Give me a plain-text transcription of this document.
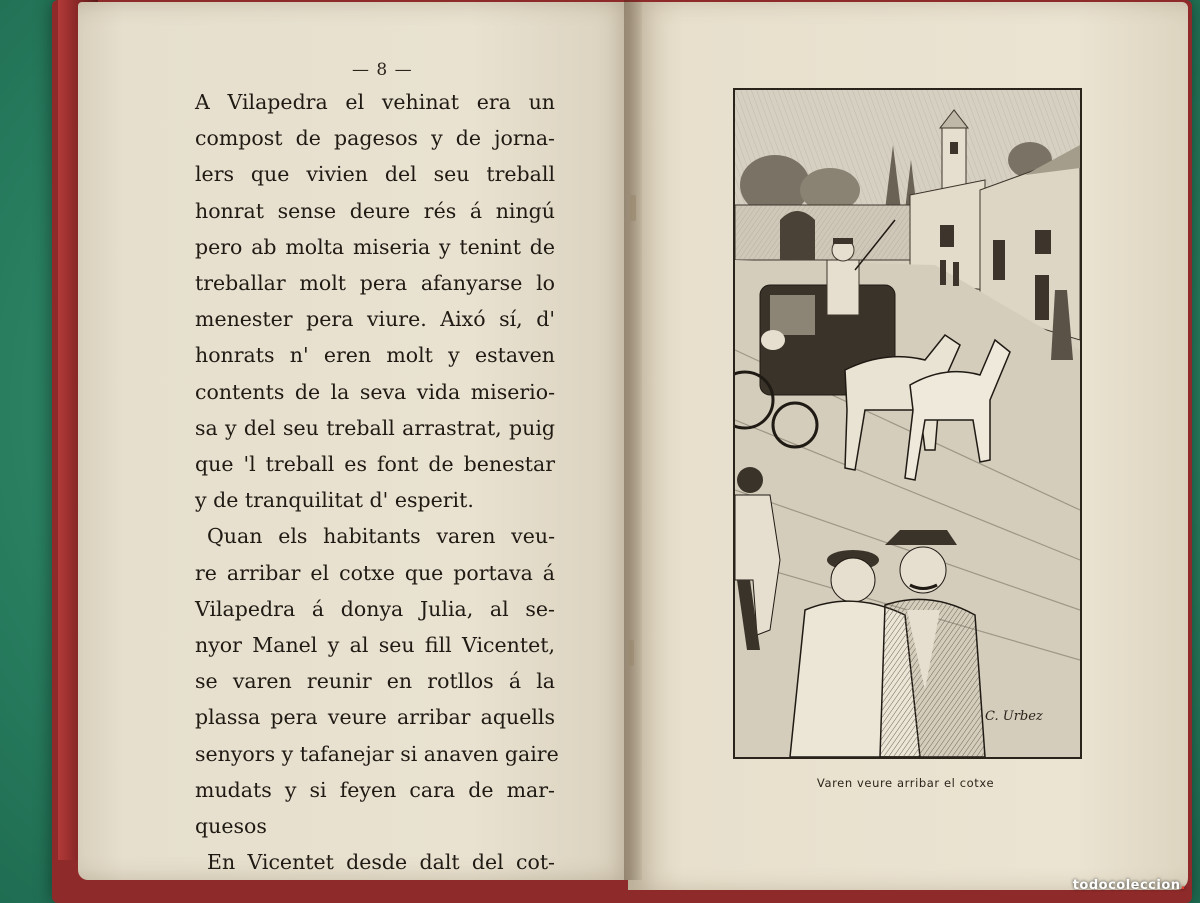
— 8 —
A Vilapedra el vehinat era un
compost de pagesos y de jorna-
lers que vivien del seu treball
honrat sense deure rés á ningú
pero ab molta miseria y tenint de
treballar molt pera afanyarse lo
menester pera viure. Aixó sí, d'
honrats n' eren molt y estaven
contents de la seva vida miserio-
sa y del seu treball arrastrat, puig
que 'l treball es font de benestar
y de tranquilitat d' esperit.
Quan els habitants varen veu-
re arribar el cotxe que portava á
Vilapedra á donya Julia, al se-
nyor Manel y al seu fill Vicentet,
se varen reunir en rotllos á la
plassa pera veure arribar aquells
senyors y tafanejar si anaven gaire
mudats y si feyen cara de mar-
quesos
En Vicentet desde dalt del cot-
C. Urbez
Varen veure arribar el cotxe
todocoleccion.
